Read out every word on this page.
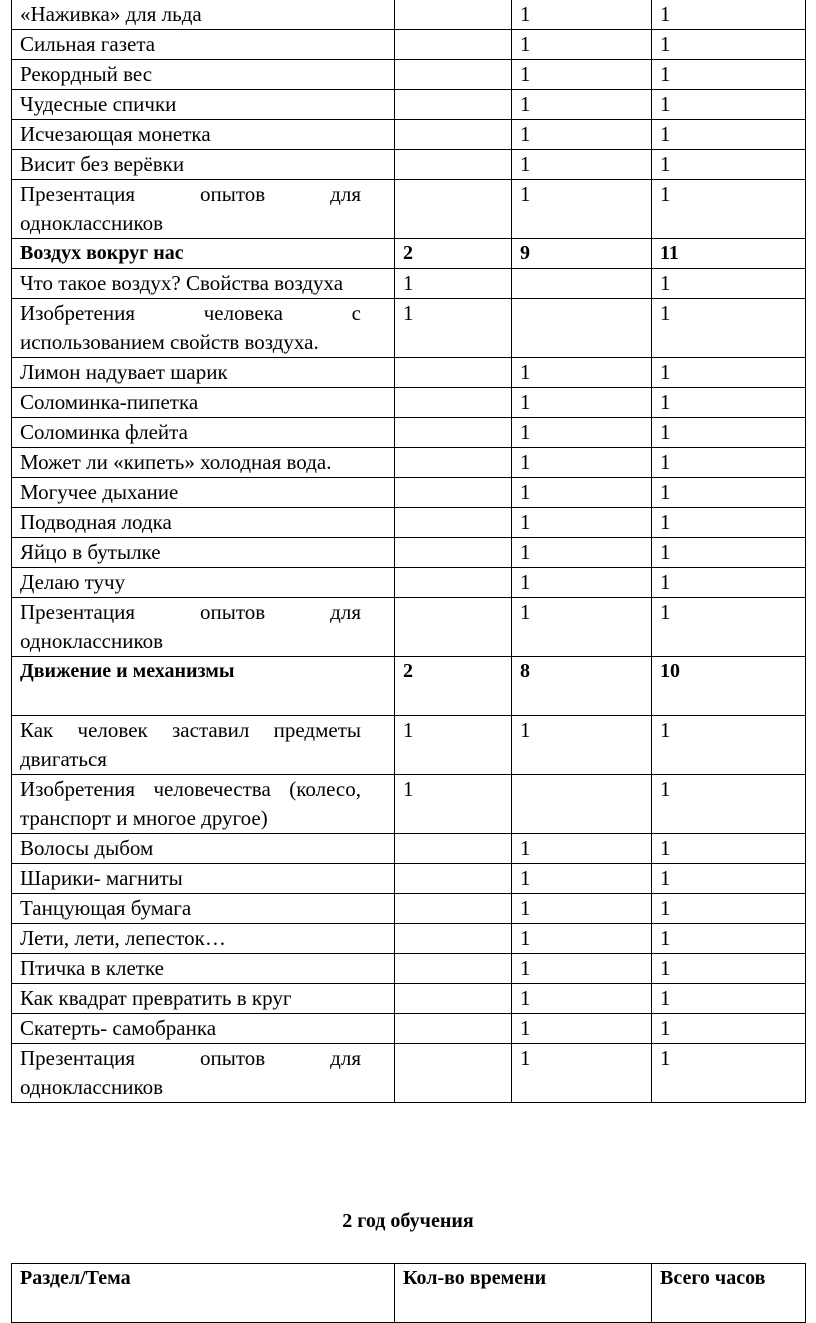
«Наживка» для льда		1	1
Сильная газета		1	1
Рекордный вес		1	1
Чудесные спички		1	1
Исчезающая монетка		1	1
Висит без верёвки		1	1
Презентация опытов для одноклассников		1	1
Воздух вокруг нас	2	9	11
Что такое воздух? Свойства воздуха	1		1
Изобретения человека с использованием свойств воздуха.	1		1
Лимон надувает шарик		1	1
Соломинка-пипетка		1	1
Соломинка флейта		1	1
Может ли «кипеть» холодная вода.		1	1
Могучее дыхание		1	1
Подводная лодка		1	1
Яйцо в бутылке		1	1
Делаю тучу		1	1
Презентация опытов для одноклассников		1	1
Движение и механизмы	2	8	10
Как человек заставил предметы двигаться	1	1	1
Изобретения человечества (колесо, транспорт и многое другое)	1		1
Волосы дыбом		1	1
Шарики- магниты		1	1
Танцующая бумага		1	1
Лети, лети, лепесток…		1	1
Птичка в клетке		1	1
Как квадрат превратить в круг		1	1
Скатерть- самобранка		1	1
Презентация опытов для одноклассников		1	1
2 год обучения
Раздел/Тема	Кол-во времени	Всего часов
